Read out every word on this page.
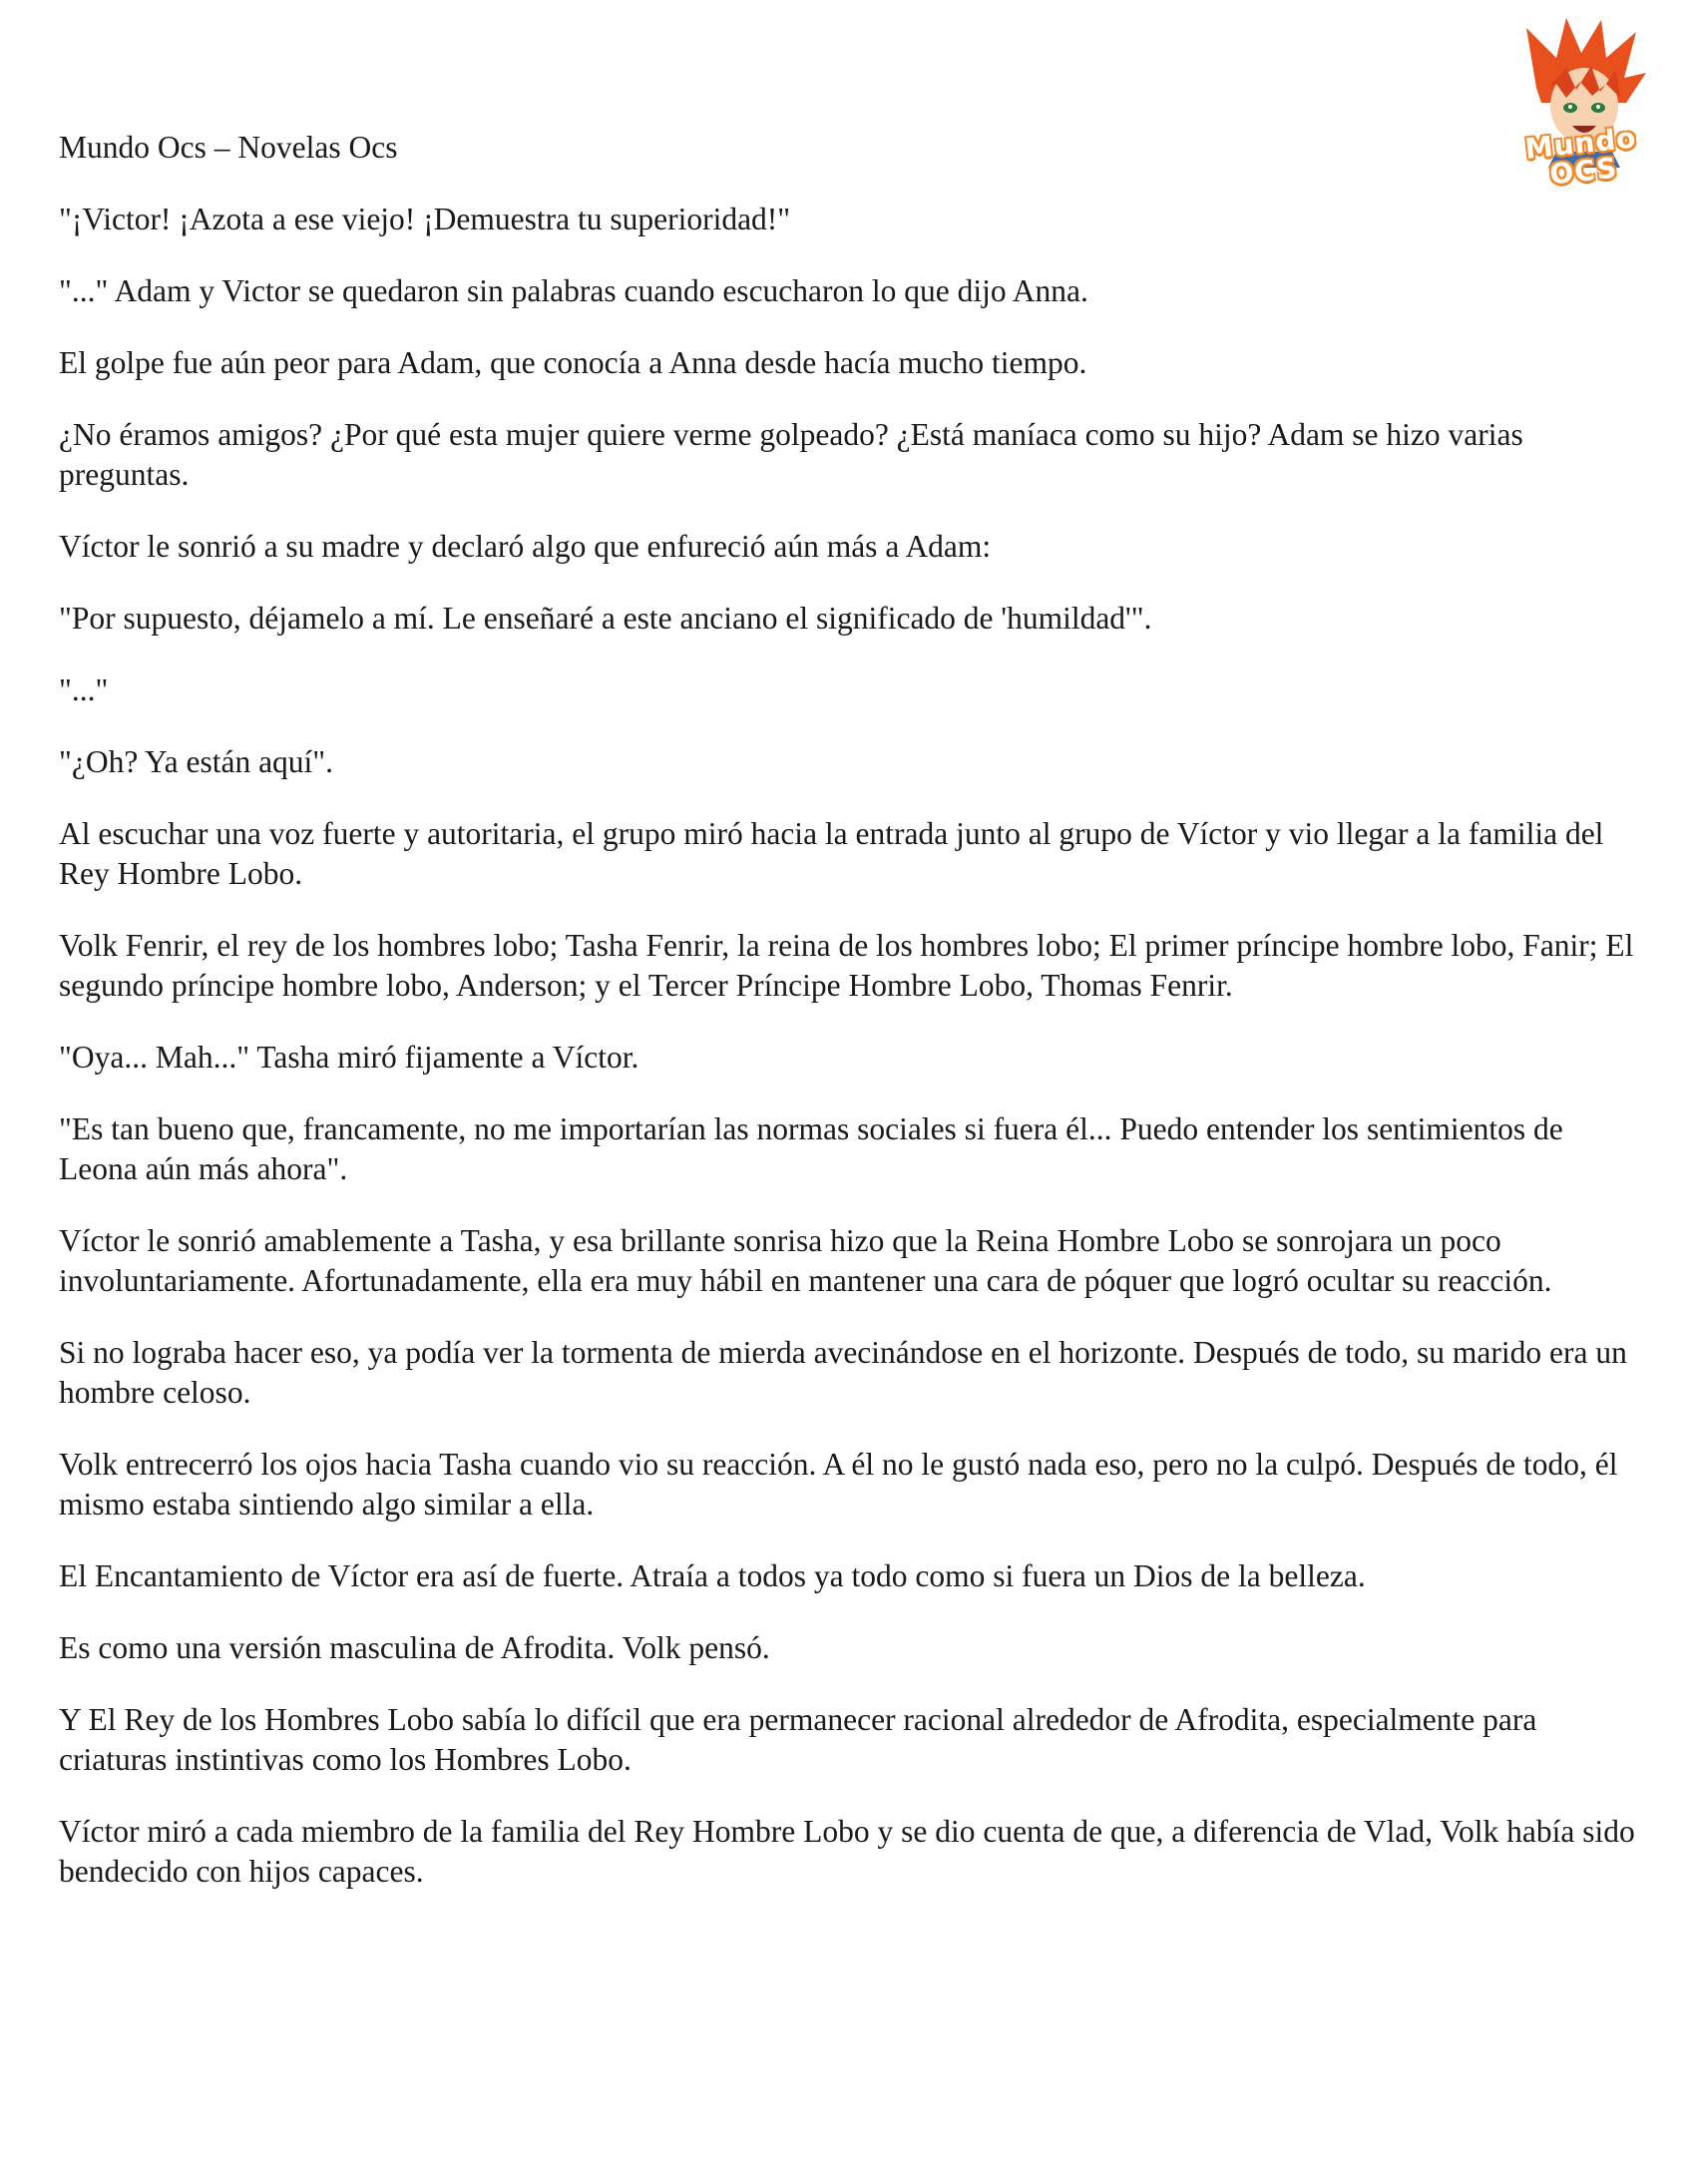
Mundo OCS

Mundo Ocs – Novelas Ocs

"¡Victor! ¡Azota a ese viejo! ¡Demuestra tu superioridad!"

"..." Adam y Victor se quedaron sin palabras cuando escucharon lo que dijo Anna.

El golpe fue aún peor para Adam, que conocía a Anna desde hacía mucho tiempo.

¿No éramos amigos? ¿Por qué esta mujer quiere verme golpeado? ¿Está maníaca como su hijo? Adam se hizo varias preguntas.

Víctor le sonrió a su madre y declaró algo que enfureció aún más a Adam:

"Por supuesto, déjamelo a mí. Le enseñaré a este anciano el significado de 'humildad'".

"..."

"¿Oh? Ya están aquí".

Al escuchar una voz fuerte y autoritaria, el grupo miró hacia la entrada junto al grupo de Víctor y vio llegar a la familia del Rey Hombre Lobo.

Volk Fenrir, el rey de los hombres lobo; Tasha Fenrir, la reina de los hombres lobo; El primer príncipe hombre lobo, Fanir; El segundo príncipe hombre lobo, Anderson; y el Tercer Príncipe Hombre Lobo, Thomas Fenrir.

"Oya... Mah..." Tasha miró fijamente a Víctor.

"Es tan bueno que, francamente, no me importarían las normas sociales si fuera él... Puedo entender los sentimientos de Leona aún más ahora".

Víctor le sonrió amablemente a Tasha, y esa brillante sonrisa hizo que la Reina Hombre Lobo se sonrojara un poco involuntariamente. Afortunadamente, ella era muy hábil en mantener una cara de póquer que logró ocultar su reacción.

Si no lograba hacer eso, ya podía ver la tormenta de mierda avecinándose en el horizonte. Después de todo, su marido era un hombre celoso.

Volk entrecerró los ojos hacia Tasha cuando vio su reacción. A él no le gustó nada eso, pero no la culpó. Después de todo, él mismo estaba sintiendo algo similar a ella.

El Encantamiento de Víctor era así de fuerte. Atraía a todos ya todo como si fuera un Dios de la belleza.

Es como una versión masculina de Afrodita. Volk pensó.

Y El Rey de los Hombres Lobo sabía lo difícil que era permanecer racional alrededor de Afrodita, especialmente para criaturas instintivas como los Hombres Lobo.

Víctor miró a cada miembro de la familia del Rey Hombre Lobo y se dio cuenta de que, a diferencia de Vlad, Volk había sido bendecido con hijos capaces.
